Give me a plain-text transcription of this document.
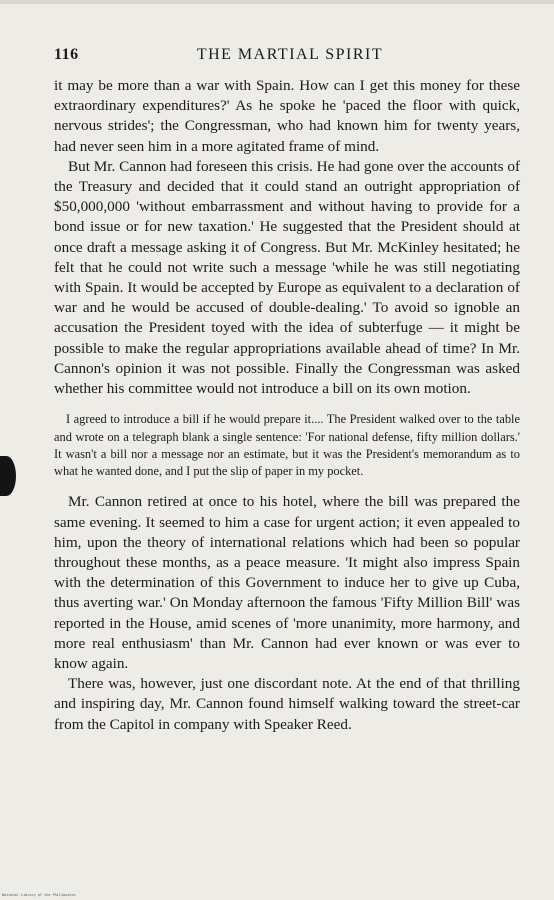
116	THE MARTIAL SPIRIT

it may be more than a war with Spain. How can I get this money for these extraordinary expenditures?' As he spoke he 'paced the floor with quick, nervous strides'; the Congressman, who had known him for twenty years, had never seen him in a more agitated frame of mind.

But Mr. Cannon had foreseen this crisis. He had gone over the accounts of the Treasury and decided that it could stand an outright appropriation of $50,000,000 'without embarrassment and without having to provide for a bond issue or for new taxation.' He suggested that the President should at once draft a message asking it of Congress. But Mr. McKinley hesitated; he felt that he could not write such a message 'while he was still negotiating with Spain. It would be accepted by Europe as equivalent to a declaration of war and he would be accused of double-dealing.' To avoid so ignoble an accusation the President toyed with the idea of subterfuge — it might be possible to make the regular appropriations available ahead of time? In Mr. Cannon's opinion it was not possible. Finally the Congressman was asked whether his committee would not introduce a bill on its own motion.

I agreed to introduce a bill if he would prepare it.... The President walked over to the table and wrote on a telegraph blank a single sentence: 'For national defense, fifty million dollars.' It wasn't a bill nor a message nor an estimate, but it was the President's memorandum as to what he wanted done, and I put the slip of paper in my pocket.

Mr. Cannon retired at once to his hotel, where the bill was prepared the same evening. It seemed to him a case for urgent action; it even appealed to him, upon the theory of international relations which had been so popular throughout these months, as a peace measure. 'It might also impress Spain with the determination of this Government to induce her to give up Cuba, thus averting war.' On Monday afternoon the famous 'Fifty Million Bill' was reported in the House, amid scenes of 'more unanimity, more harmony, and more real enthusiasm' than Mr. Cannon had ever known or was ever to know again.

There was, however, just one discordant note. At the end of that thrilling and inspiring day, Mr. Cannon found himself walking toward the street-car from the Capitol in company with Speaker Reed.

National Library of the Philippines
